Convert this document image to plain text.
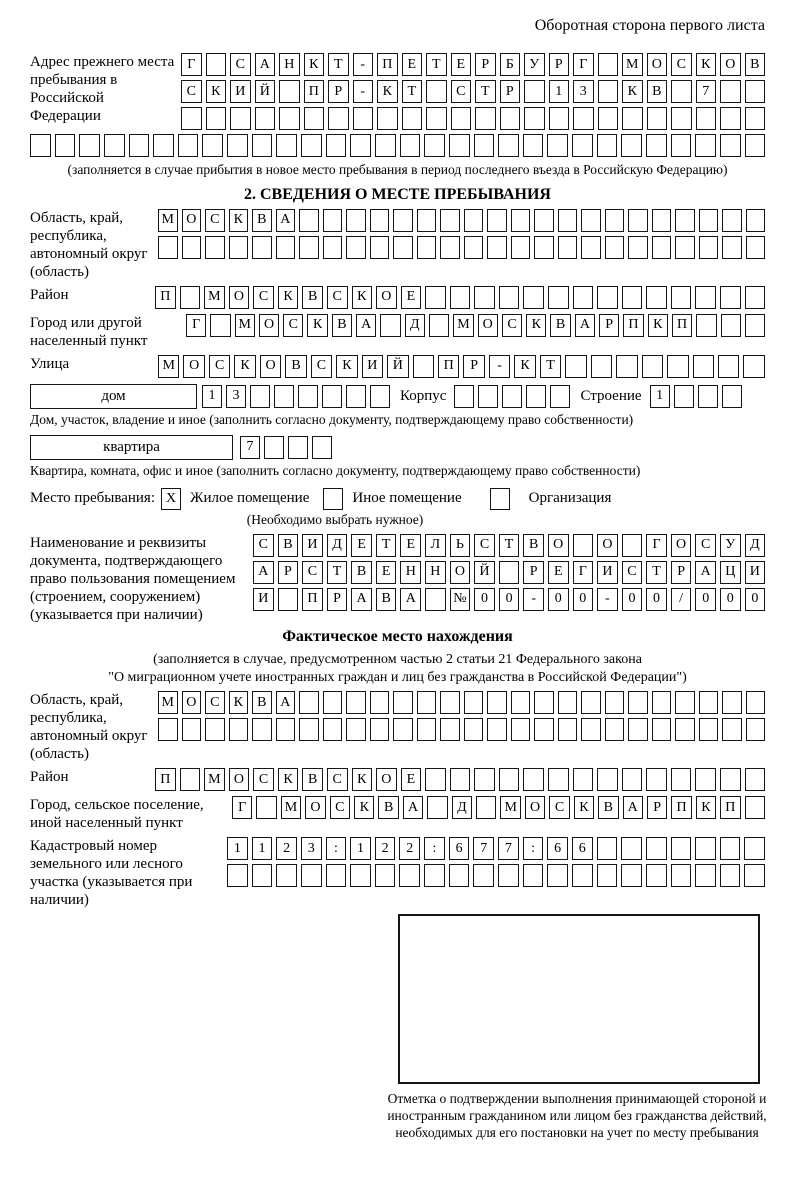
Оборотная сторона первого листа
Адрес прежнего места пребывания в Российской Федерации
Г	С	А	Н	К	Т	-	П	Е	Т	Е	Р	Б	У	Р	Г	М О	С	К	О	В
С	К	И	Й	П	Р	-	К	Т	С	Т	Р	1	3	К	В	7
(заполняется в случае прибытия в новое место пребывания в период последнего въезда в Российскую Федерацию)
2. СВЕДЕНИЯ О МЕСТЕ ПРЕБЫВАНИЯ
Область, край, республика, автономный округ (область)
М О С	К	В А
Район	П	М О	С	К	В	С	К	О	Е
Город или другой населенный пункт
Г	М О	С	К	В	А	Д	М О	С	К	В	А	Р	П	К	П
Улица	М	О	С	К	О	В	С	К	И	Й	П	Р	-	К	Т
дом	1	3	Корпус	Строение	1
Дом, участок, владение и иное (заполнить согласно документу, подтверждающему право собственности)
квартира	7
Квартира, комната, офис и иное (заполнить согласно документу, подтверждающему право собственности)
Место пребывания: X Жилое помещение	Иное помещение	Организация
(Необходимо выбрать нужное)
Наименование и реквизиты документа, подтверждающего право пользования помещением (строением, сооружением) (указывается при наличии)
С	В	И	Д	Е	Т	Е	Л	Ь	С	Т	В	О	О	Г	О	С	У	Д
А	Р	С	Т	В	Е	Н	Н	О	Й	Р	Е	Г	И	С	Т	Р	А	Ц	И
И	П	Р	А	В	А	№	0	0	-	0	0	-	0	0	/	0	0	0
Фактическое место нахождения
(заполняется в случае, предусмотренном частью 2 статьи 21 Федерального закона
"О миграционном учете иностранных граждан и лиц без гражданства в Российской Федерации")
Область, край, республика, автономный округ (область)
М О С	К	В А
Район	П	М О	С	К	В	С	К	О	Е
Город, сельское поселение, иной населенный пункт
Г	М О	С	К	В	А	Д	М О	С	К	В	А	Р	П	К	П
Кадастровый номер земельного или лесного участка (указывается при наличии)
1	1	2	3	:	1	2	2	:	6	7	7	:	6	6
Отметка о подтверждении выполнения принимающей стороной и иностранным гражданином или лицом без гражданства действий, необходимых для его постановки на учет по месту пребывания
